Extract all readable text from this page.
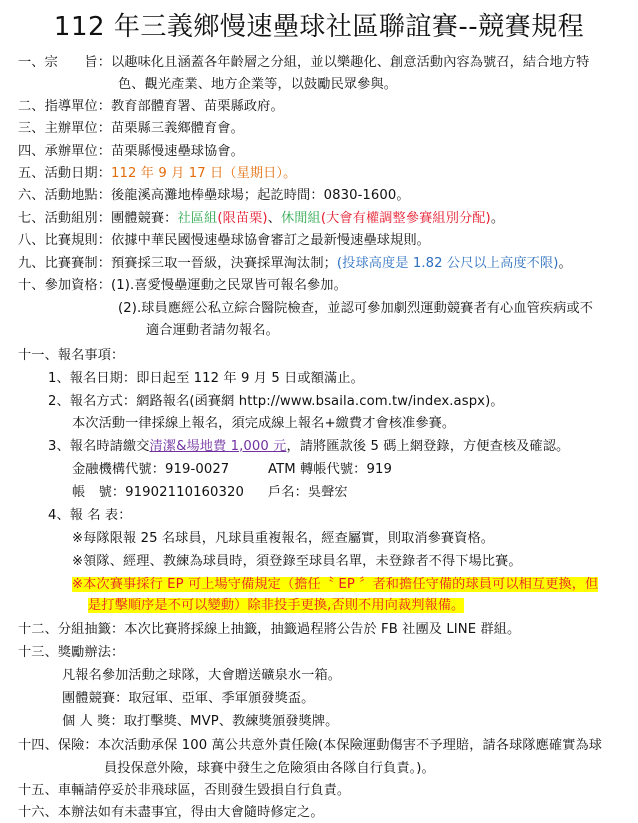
112 年三義鄉慢速壘球社區聯誼賽--競賽規程
一、宗　　旨：以趣味化且涵蓋各年齡層之分組，並以樂趣化、創意活動內容為號召，結合地方特
色、觀光產業、地方企業等，以鼓勵民眾參與。
二、指導單位：教育部體育署、苗栗縣政府。
三、主辦單位：苗栗縣三義鄉體育會。
四、承辦單位：苗栗縣慢速壘球協會。
五、活動日期：112 年 9 月 17 日（星期日）。
六、活動地點：後龍溪高灘地棒壘球場；起訖時間：0830-1600。
七、活動組別：團體競賽：社區組(限苗栗)、休閒組(大會有權調整參賽組別分配)。
八、比賽規則：依據中華民國慢速壘球協會審訂之最新慢速壘球規則。
九、比賽賽制：預賽採三取一晉級，決賽採單淘汰制；(投球高度是 1.82 公尺以上高度不限)。
十、參加資格：(1).喜愛慢壘運動之民眾皆可報名參加。
(2).球員應經公私立綜合醫院檢查，並認可參加劇烈運動競賽者有心血管疾病或不
適合運動者請勿報名。
十一、報名事項：
1、報名日期：即日起至 112 年 9 月 5 日或額滿止。
2、報名方式：網路報名(函賽網 http://www.bsaila.com.tw/index.aspx)。
本次活動一律採線上報名，須完成線上報名+繳費才會核准參賽。
3、報名時請繳交清潔&場地費 1,000 元，請將匯款後 5 碼上網登錄，方便查核及確認。
金融機構代號：919-0027	ATM 轉帳代號：919
帳　號：91902110160320 戶名：吳聲宏
4、報 名 表：
※每隊限報 25 名球員，凡球員重複報名，經查屬實，則取消參賽資格。
※領隊、經理、教練為球員時，須登錄至球員名單，未登錄者不得下場比賽。
※本次賽事採行 EP 可上場守備規定（擔任〝 EP 〞者和擔任守備的球員可以相互更換，但
是打擊順序是不可以變動）除非投手更換,否則不用向裁判報備。
十二、分組抽籤：本次比賽將採線上抽籤，抽籤過程將公告於 FB 社團及 LINE 群組。
十三、獎勵辦法：
凡報名參加活動之球隊，大會贈送礦泉水一箱。
團體競賽：取冠軍、亞軍、季軍頒發獎盃。
個 人 獎：取打擊獎、MVP、教練獎頒發獎牌。
十四、保險：本次活動承保 100 萬公共意外責任險(本保險運動傷害不予理賠，請各球隊應確實為球
員投保意外險，球賽中發生之危險須由各隊自行負責。)。
十五、車輛請停妥於非飛球區，否則發生毀損自行負責。
十六、本辦法如有未盡事宜，得由大會隨時修定之。
